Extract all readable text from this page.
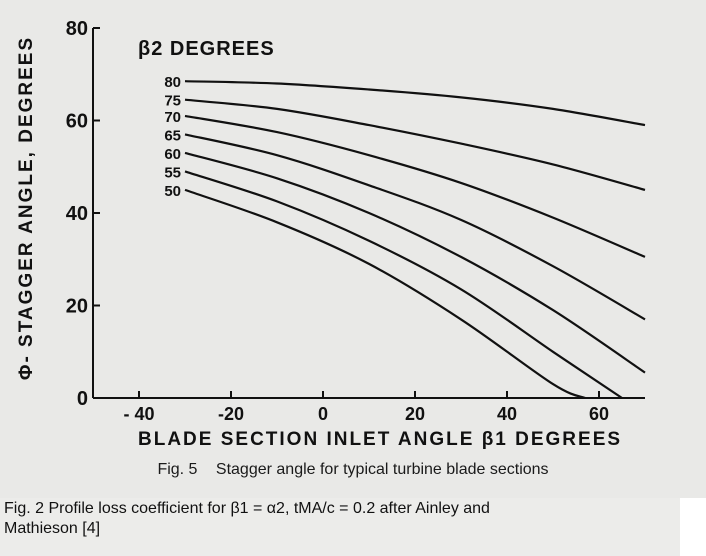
- 40	-20	0	20	40	60
0
20
40
60
80
80
75
70
65
60
55
50
β2 DEGREES
BLADE SECTION INLET ANGLE β1 DEGREES
Φ- STAGGER ANGLE, DEGREES
Fig. 5 Stagger angle for typical turbine blade sections
Fig. 2 Profile loss coefficient for β1 = α2, tMA/c = 0.2 after Ainley and
Mathieson [4]
